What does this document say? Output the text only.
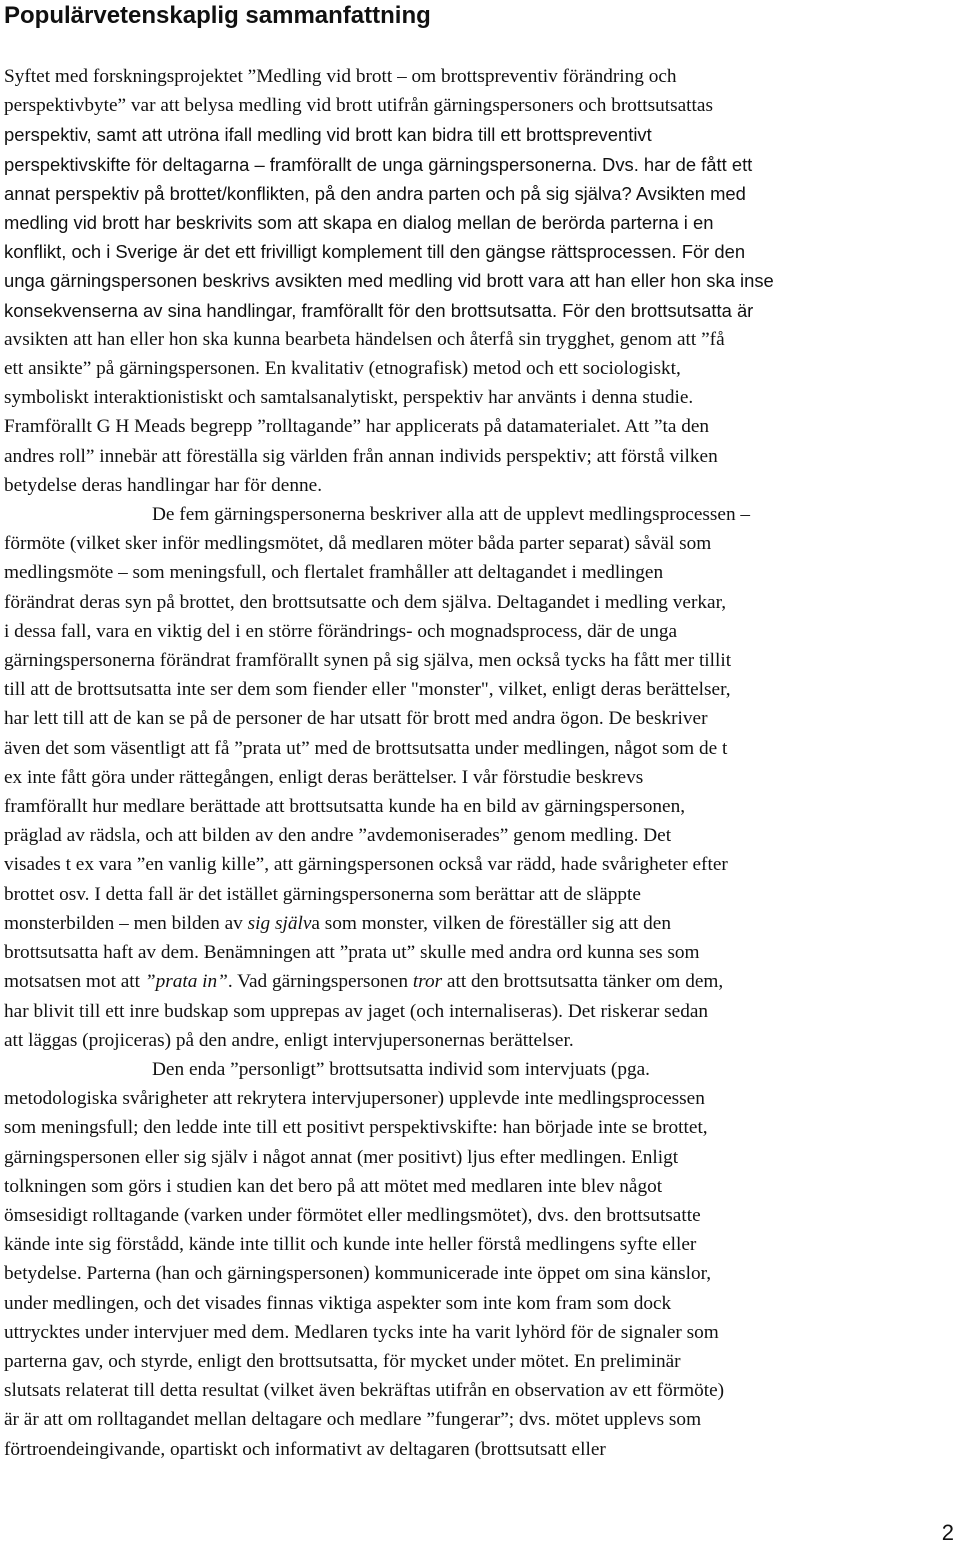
Populärvetenskaplig sammanfattning
Syftet med forskningsprojektet ”Medling vid brott – om brottspreventiv förändring och
perspektivbyte” var att belysa medling vid brott utifrån gärningspersoners och brottsutsattas
perspektiv, samt att utröna ifall medling vid brott kan bidra till ett brottspreventivt
perspektivskifte för deltagarna – framförallt de unga gärningspersonerna. Dvs. har de fått ett
annat perspektiv på brottet/konflikten, på den andra parten och på sig själva? Avsikten med
medling vid brott har beskrivits som att skapa en dialog mellan de berörda parterna i en
konflikt, och i Sverige är det ett frivilligt komplement till den gängse rättsprocessen. För den
unga gärningspersonen beskrivs avsikten med medling vid brott vara att han eller hon ska inse
konsekvenserna av sina handlingar, framförallt för den brottsutsatta. För den brottsutsatta är
avsikten att han eller hon ska kunna bearbeta händelsen och återfå sin trygghet, genom att ”få
ett ansikte” på gärningspersonen. En kvalitativ (etnografisk) metod och ett sociologiskt,
symboliskt interaktionistiskt och samtalsanalytiskt, perspektiv har använts i denna studie.
Framförallt G H Meads begrepp ”rolltagande” har applicerats på datamaterialet. Att ”ta den
andres roll” innebär att föreställa sig världen från annan individs perspektiv; att förstå vilken
betydelse deras handlingar har för denne.
De fem gärningspersonerna beskriver alla att de upplevt medlingsprocessen –
förmöte (vilket sker inför medlingsmötet, då medlaren möter båda parter separat) såväl som
medlingsmöte – som meningsfull, och flertalet framhåller att deltagandet i medlingen
förändrat deras syn på brottet, den brottsutsatte och dem själva. Deltagandet i medling verkar,
i dessa fall, vara en viktig del i en större förändrings- och mognadsprocess, där de unga
gärningspersonerna förändrat framförallt synen på sig själva, men också tycks ha fått mer tillit
till att de brottsutsatta inte ser dem som fiender eller "monster", vilket, enligt deras berättelser,
har lett till att de kan se på de personer de har utsatt för brott med andra ögon. De beskriver
även det som väsentligt att få ”prata ut” med de brottsutsatta under medlingen, något som de t
ex inte fått göra under rättegången, enligt deras berättelser. I vår förstudie beskrevs
framförallt hur medlare berättade att brottsutsatta kunde ha en bild av gärningspersonen,
präglad av rädsla, och att bilden av den andre ”avdemoniserades” genom medling. Det
visades t ex vara ”en vanlig kille”, att gärningspersonen också var rädd, hade svårigheter efter
brottet osv. I detta fall är det istället gärningspersonerna som berättar att de släppte
monsterbilden – men bilden av sig själva som monster, vilken de föreställer sig att den
brottsutsatta haft av dem. Benämningen att ”prata ut” skulle med andra ord kunna ses som
motsatsen mot att ”prata in”. Vad gärningspersonen tror att den brottsutsatta tänker om dem,
har blivit till ett inre budskap som upprepas av jaget (och internaliseras). Det riskerar sedan
att läggas (projiceras) på den andre, enligt intervjupersonernas berättelser.
Den enda ”personligt” brottsutsatta individ som intervjuats (pga.
metodologiska svårigheter att rekrytera intervjupersoner) upplevde inte medlingsprocessen
som meningsfull; den ledde inte till ett positivt perspektivskifte: han började inte se brottet,
gärningspersonen eller sig själv i något annat (mer positivt) ljus efter medlingen. Enligt
tolkningen som görs i studien kan det bero på att mötet med medlaren inte blev något
ömsesidigt rolltagande (varken under förmötet eller medlingsmötet), dvs. den brottsutsatte
kände inte sig förstådd, kände inte tillit och kunde inte heller förstå medlingens syfte eller
betydelse. Parterna (han och gärningspersonen) kommunicerade inte öppet om sina känslor,
under medlingen, och det visades finnas viktiga aspekter som inte kom fram som dock
uttrycktes under intervjuer med dem. Medlaren tycks inte ha varit lyhörd för de signaler som
parterna gav, och styrde, enligt den brottsutsatta, för mycket under mötet. En preliminär
slutsats relaterat till detta resultat (vilket även bekräftas utifrån en observation av ett förmöte)
är är att om rolltagandet mellan deltagare och medlare ”fungerar”; dvs. mötet upplevs som
förtroendeingivande, opartiskt och informativt av deltagaren (brottsutsatt eller
2
